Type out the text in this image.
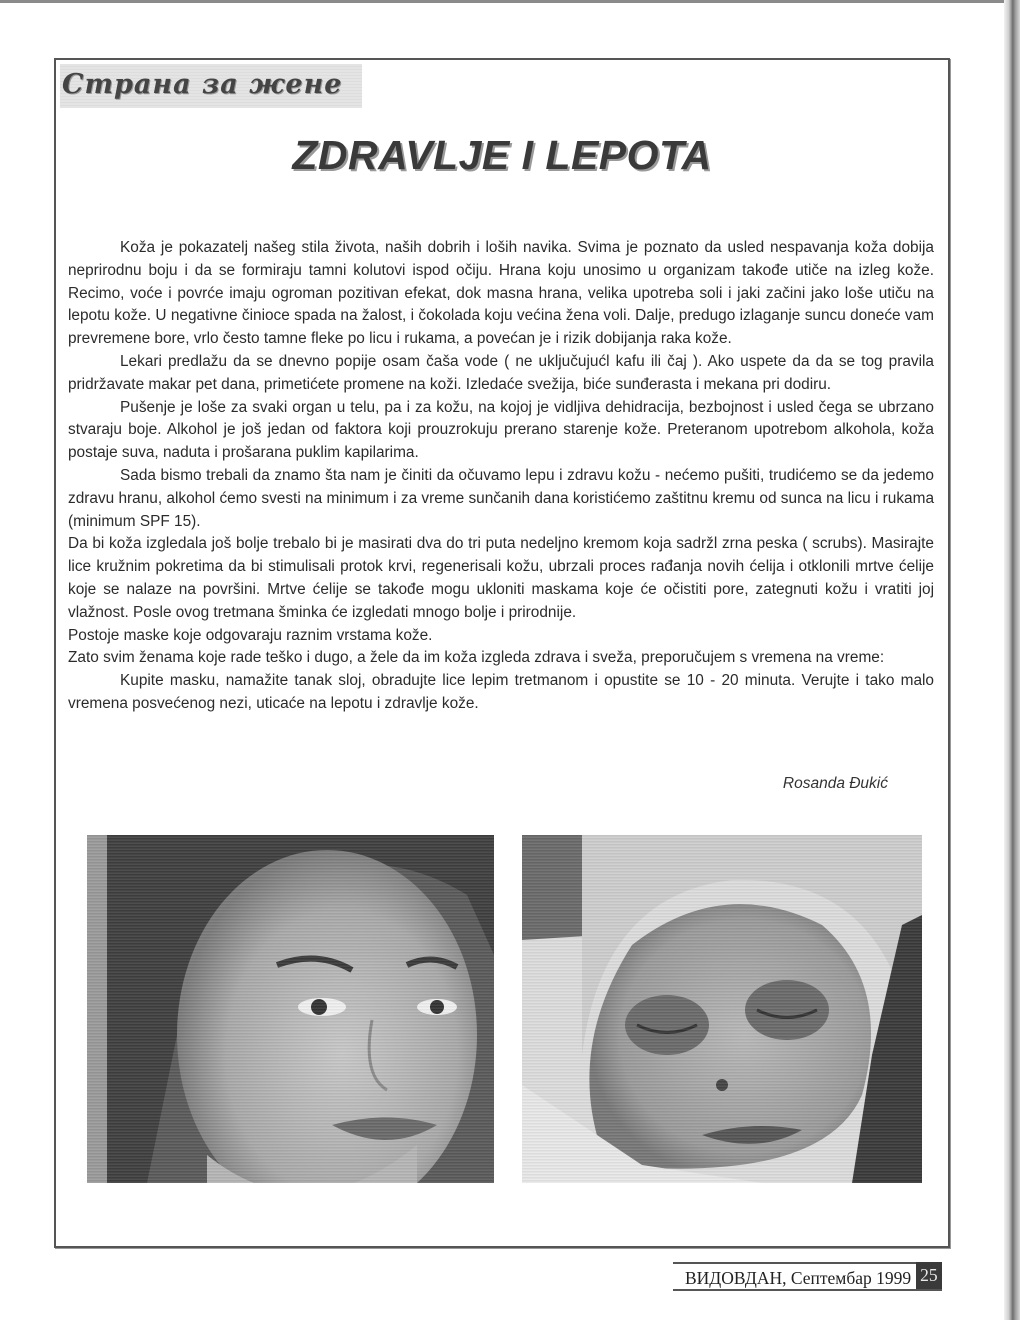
Страна за жене
ZDRAVLJE I LEPOTA

Koža je pokazatelj našeg stila života, naših dobrih i loših navika. Svima je poznato da usled nespavanja koža dobija neprirodnu boju i da se formiraju tamni kolutovi ispod očiju. Hrana koju unosimo u organizam takođe utiče na izleg kože. Recimo, voće i povrće imaju ogroman pozitivan efekat, dok masna hrana, velika upotreba soli i jaki začini jako loše utiču na lepotu kože. U negativne činioce spada na žalost, i čokolada koju većina žena voli. Dalje, predugo izlaganje suncu doneće vam prevremene bore, vrlo često tamne fleke po licu i rukama, a povećan je i rizik dobijanja raka kože.

Lekari predlažu da se dnevno popije osam čaša vode ( ne uključujućl kafu ili čaj ). Ako uspete da da se tog pravila pridržavate makar pet dana, primetićete promene na koži. Izledaće svežija, biće sunđerasta i mekana pri dodiru.

Pušenje je loše za svaki organ u telu, pa i za kožu, na kojoj je vidljiva dehidracija, bezbojnost i usled čega se ubrzano stvaraju boje. Alkohol je još jedan od faktora koji prouzrokuju prerano starenje kože. Preteranom upotrebom alkohola, koža postaje suva, naduta i prošarana puklim kapilarima.

Sada bismo trebali da znamo šta nam je činiti da očuvamo lepu i zdravu kožu - nećemo pušiti, trudićemo se da jedemo zdravu hranu, alkohol ćemo svesti na minimum i za vreme sunčanih dana koristićemo zaštitnu kremu od sunca na licu i rukama (minimum SPF 15).

Da bi koža izgledala još bolje trebalo bi je masirati dva do tri puta nedeljno kremom koja sadržl zrna peska ( scrubs). Masirajte lice kružnim pokretima da bi stimulisali protok krvi, regenerisali kožu, ubrzali proces rađanja novih ćelija i otklonili mrtve ćelije koje se nalaze na površini. Mrtve ćelije se takođe mogu ukloniti maskama koje će očistiti pore, zategnuti kožu i vratiti joj vlažnost. Posle ovog tretmana šminka će izgledati mnogo bolje i prirodnije.

Postoje maske koje odgovaraju raznim vrstama kože.

Zato svim ženama koje rade teško i dugo, a žele da im koža izgleda zdrava i sveža, preporučujem s vremena na vreme:

Kupite masku, namažite tanak sloj, obradujte lice lepim tretmanom i opustite se 10 - 20 minuta. Verujte i tako malo vremena posvećenog nezi, uticaće na lepotu i zdravlje kože.

Rosanda Đukić
ВИДОВДАН, Септембар 1999 25
